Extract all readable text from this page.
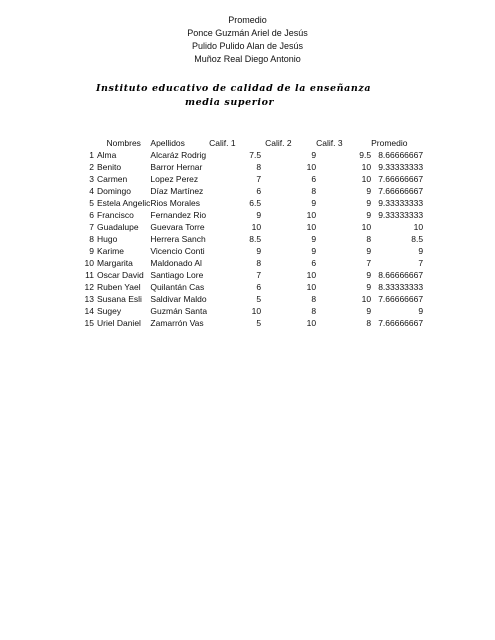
Promedio
Ponce Guzmán Ariel de Jesús
Pulido Pulido Alan de Jesús
Muñoz Real Diego Antonio
Instituto educativo de calidad de la enseñanza
media superior
	Nombres	Apellidos	Calif. 1	Calif. 2	Calif. 3	Promedio
1	Alma	Alcaráz Rodrig	7.5	9	9.5	8.66666667
2	Benito	Barror Hernar	8	10	10	9.33333333
3	Carmen	Lopez Perez	7	6	10	7.66666667
4	Domingo	Díaz Martínez	6	8	9	7.66666667
5	Estela Angelic	Rios Morales	6.5	9	9	9.33333333
6	Francisco	Fernandez Rio	9	10	9	9.33333333
7	Guadalupe	Guevara Torre	10	10	10	10
8	Hugo	Herrera Sanch	8.5	9	8	8.5
9	Karime	Vicencio Conti	9	9	9	9
10	Margarita	Maldonado Al	8	6	7	7
11	Oscar David	Santiago Lore	7	10	9	8.66666667
12	Ruben Yael	Quilantán Cas	6	10	9	8.33333333
13	Susana Esli	Saldivar Maldo	5	8	10	7.66666667
14	Sugey	Guzmán Santa	10	8	9	9
15	Uriel Daniel	Zamarrón Vas	5	10	8	7.66666667
